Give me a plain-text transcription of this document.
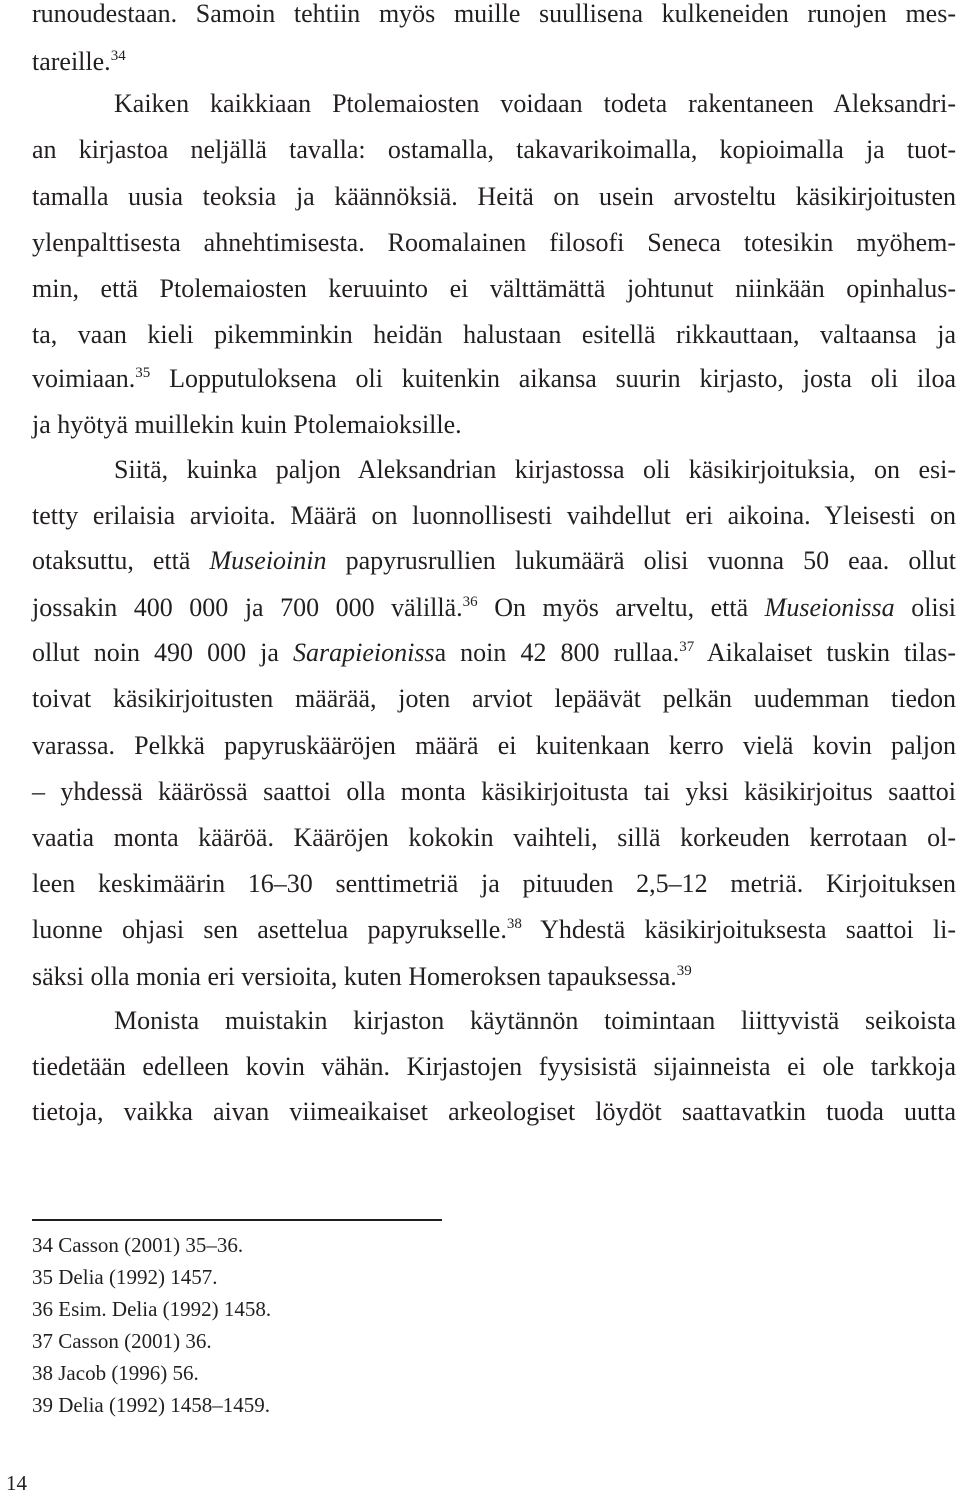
runoudestaan. Samoin tehtiin myös muille suullisena kulkeneiden runojen mes-
tareille.$^{34}$
Kaiken kaikkiaan Ptolemaiosten voidaan todeta rakentaneen Aleksandri-
an kirjastoa neljällä tavalla: ostamalla, takavarikoimalla, kopioimalla ja tuot-
tamalla uusia teoksia ja käännöksiä. Heitä on usein arvosteltu käsikirjoitusten
ylenpalttisesta ahnehtimisesta. Roomalainen filosofi Seneca totesikin myöhem-
min, että Ptolemaiosten keruuinto ei välttämättä johtunut niinkään opinhalus-
ta, vaan kieli pikemminkin heidän halustaan esitellä rikkauttaan, valtaansa ja
voimiaan.$^{35}$ Lopputuloksena oli kuitenkin aikansa suurin kirjasto, josta oli iloa
ja hyötyä muillekin kuin Ptolemaioksille.
Siitä, kuinka paljon Aleksandrian kirjastossa oli käsikirjoituksia, on esi-
tetty erilaisia arvioita. Määrä on luonnollisesti vaihdellut eri aikoina. Yleisesti on
otaksuttu, että Museioinin papyrusrullien lukumäärä olisi vuonna 50 eaa. ollut
jossakin 400 000 ja 700 000 välillä.$^{36}$ On myös arveltu, että Museionissa olisi
ollut noin 490 000 ja Sarapieionissa noin 42 800 rullaa.$^{37}$ Aikalaiset tuskin tilas-
toivat käsikirjoitusten määrää, joten arviot lepäävät pelkän uudemman tiedon
varassa. Pelkkä papyruskääröjen määrä ei kuitenkaan kerro vielä kovin paljon
– yhdessä käärössä saattoi olla monta käsikirjoitusta tai yksi käsikirjoitus saattoi
vaatia monta kääröä. Kääröjen kokokin vaihteli, sillä korkeuden kerrotaan ol-
leen keskimäärin 16–30 senttimetriä ja pituuden 2,5–12 metriä. Kirjoituksen
luonne ohjasi sen asettelua papyrukselle.$^{38}$ Yhdestä käsikirjoituksesta saattoi li-
säksi olla monia eri versioita, kuten Homeroksen tapauksessa.$^{39}$
Monista muistakin kirjaston käytännön toimintaan liittyvistä seikoista
tiedetään edelleen kovin vähän. Kirjastojen fyysisistä sijainneista ei ole tarkkoja
tietoja, vaikka aivan viimeaikaiset arkeologiset löydöt saattavatkin tuoda uutta
34 Casson (2001) 35–36.
35 Delia (1992) 1457.
36 Esim. Delia (1992) 1458.
37 Casson (2001) 36.
38 Jacob (1996) 56.
39 Delia (1992) 1458–1459.
14
